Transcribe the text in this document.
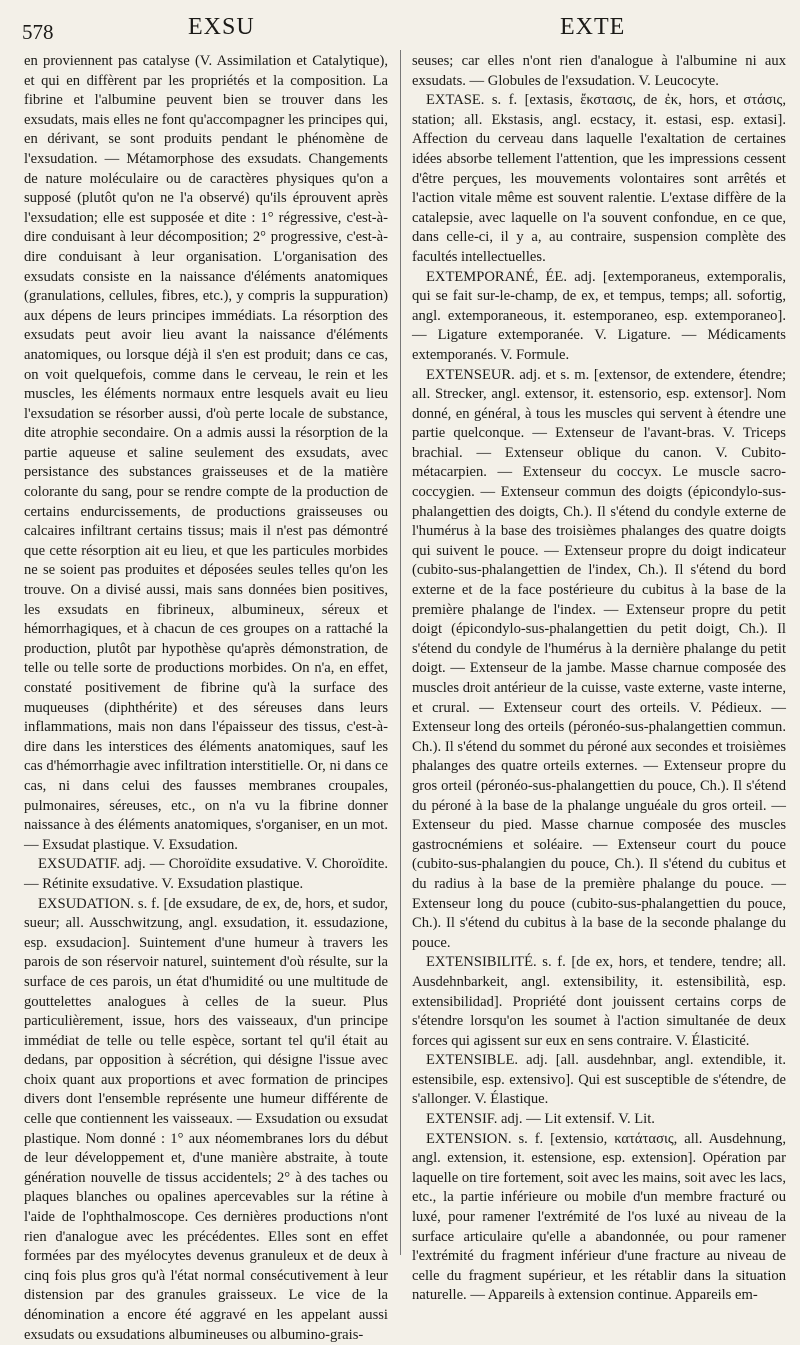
578	EXSU	EXTE

en proviennent pas catalyse (V. Assimilation et Catalytique), et qui en diffèrent par les propriétés et la composition. La fibrine et l'albumine peuvent bien se trouver dans les exsudats, mais elles ne font qu'accompagner les principes qui, en dérivant, se sont produits pendant le phénomène de l'exsudation. — Métamorphose des exsudats. Changements de nature moléculaire ou de caractères physiques qu'on a supposé (plutôt qu'on ne l'a observé) qu'ils éprouvent après l'exsudation; elle est supposée et dite : 1° régressive, c'est-à-dire conduisant à leur décomposition; 2° progressive, c'est-à-dire conduisant à leur organisation. L'organisation des exsudats consiste en la naissance d'éléments anatomiques (granulations, cellules, fibres, etc.), y compris la suppuration) aux dépens de leurs principes immédiats. La résorption des exsudats peut avoir lieu avant la naissance d'éléments anatomiques, ou lorsque déjà il s'en est produit; dans ce cas, on voit quelquefois, comme dans le cerveau, le rein et les muscles, les éléments normaux entre lesquels avait eu lieu l'exsudation se résorber aussi, d'où perte locale de substance, dite atrophie secondaire. On a admis aussi la résorption de la partie aqueuse et saline seulement des exsudats, avec persistance des substances graisseuses et de la matière colorante du sang, pour se rendre compte de la production de certains endurcissements, de productions graisseuses ou calcaires infiltrant certains tissus; mais il n'est pas démontré que cette résorption ait eu lieu, et que les particules morbides ne se soient pas produites et déposées seules telles qu'on les trouve. On a divisé aussi, mais sans données bien positives, les exsudats en fibrineux, albumineux, séreux et hémorrhagiques, et à chacun de ces groupes on a rattaché la production, plutôt par hypothèse qu'après démonstration, de telle ou telle sorte de productions morbides. On n'a, en effet, constaté positivement de fibrine qu'à la surface des muqueuses (diphthérite) et des séreuses dans leurs inflammations, mais non dans l'épaisseur des tissus, c'est-à-dire dans les interstices des éléments anatomiques, sauf les cas d'hémorrhagie avec infiltration interstitielle. Or, ni dans ce cas, ni dans celui des fausses membranes croupales, pulmonaires, séreuses, etc., on n'a vu la fibrine donner naissance à des éléments anatomiques, s'organiser, en un mot. — Exsudat plastique. V. Exsudation.

EXSUDATIF. adj. — Choroïdite exsudative. V. Choroïdite. — Rétinite exsudative. V. Exsudation plastique.

EXSUDATION. s. f. [de exsudare, de ex, de, hors, et sudor, sueur; all. Ausschwitzung, angl. exsudation, it. essudazione, esp. exsudacion]. Suintement d'une humeur à travers les parois de son réservoir naturel, suintement d'où résulte, sur la surface de ces parois, un état d'humidité ou une multitude de gouttelettes analogues à celles de la sueur. Plus particulièrement, issue, hors des vaisseaux, d'un principe immédiat de telle ou telle espèce, sortant tel qu'il était au dedans, par opposition à sécrétion, qui désigne l'issue avec choix quant aux proportions et avec formation de principes divers dont l'ensemble représente une humeur différente de celle que contiennent les vaisseaux. — Exsudation ou exsudat plastique. Nom donné : 1° aux néomembranes lors du début de leur développement et, d'une manière abstraite, à toute génération nouvelle de tissus accidentels; 2° à des taches ou plaques blanches ou opalines apercevables sur la rétine à l'aide de l'ophthalmoscope. Ces dernières productions n'ont rien d'analogue avec les précédentes. Elles sont en effet formées par des myélocytes devenus granuleux et de deux à cinq fois plus gros qu'à l'état normal consécutivement à leur distension par des granules graisseux. Le vice de la dénomination a encore été aggravé en les appelant aussi exsudats ou exsudations albumineuses ou albumino-grais-

seuses; car elles n'ont rien d'analogue à l'albumine ni aux exsudats. — Globules de l'exsudation. V. Leucocyte.

EXTASE. s. f. [extasis, ἔκστασις, de ἐκ, hors, et στάσις, station; all. Ekstasis, angl. ecstacy, it. estasi, esp. extasi]. Affection du cerveau dans laquelle l'exaltation de certaines idées absorbe tellement l'attention, que les impressions cessent d'être perçues, les mouvements volontaires sont arrêtés et l'action vitale même est souvent ralentie. L'extase diffère de la catalepsie, avec laquelle on l'a souvent confondue, en ce que, dans celle-ci, il y a, au contraire, suspension complète des facultés intellectuelles.

EXTEMPORANÉ, ÉE. adj. [extemporaneus, extemporalis, qui se fait sur-le-champ, de ex, et tempus, temps; all. sofortig, angl. extemporaneous, it. estemporaneo, esp. extemporaneo]. — Ligature extemporanée. V. Ligature. — Médicaments extemporanés. V. Formule.

EXTENSEUR. adj. et s. m. [extensor, de extendere, étendre; all. Strecker, angl. extensor, it. estensorio, esp. extensor]. Nom donné, en général, à tous les muscles qui servent à étendre une partie quelconque. — Extenseur de l'avant-bras. V. Triceps brachial. — Extenseur oblique du canon. V. Cubito-métacarpien. — Extenseur du coccyx. Le muscle sacro-coccygien. — Extenseur commun des doigts (épicondylo-sus-phalangettien des doigts, Ch.). Il s'étend du condyle externe de l'humérus à la base des troisièmes phalanges des quatre doigts qui suivent le pouce. — Extenseur propre du doigt indicateur (cubito-sus-phalangettien de l'index, Ch.). Il s'étend du bord externe et de la face postérieure du cubitus à la base de la première phalange de l'index. — Extenseur propre du petit doigt (épicondylo-sus-phalangettien du petit doigt, Ch.). Il s'étend du condyle de l'humérus à la dernière phalange du petit doigt. — Extenseur de la jambe. Masse charnue composée des muscles droit antérieur de la cuisse, vaste externe, vaste interne, et crural. — Extenseur court des orteils. V. Pédieux. — Extenseur long des orteils (péronéo-sus-phalangettien commun. Ch.). Il s'étend du sommet du péroné aux secondes et troisièmes phalanges des quatre orteils externes. — Extenseur propre du gros orteil (péronéo-sus-phalangettien du pouce, Ch.). Il s'étend du péroné à la base de la phalange unguéale du gros orteil. — Extenseur du pied. Masse charnue composée des muscles gastrocnémiens et soléaire. — Extenseur court du pouce (cubito-sus-phalangien du pouce, Ch.). Il s'étend du cubitus et du radius à la base de la première phalange du pouce. — Extenseur long du pouce (cubito-sus-phalangettien du pouce, Ch.). Il s'étend du cubitus à la base de la seconde phalange du pouce.

EXTENSIBILITÉ. s. f. [de ex, hors, et tendere, tendre; all. Ausdehnbarkeit, angl. extensibility, it. estensibilità, esp. extensibilidad]. Propriété dont jouissent certains corps de s'étendre lorsqu'on les soumet à l'action simultanée de deux forces qui agissent sur eux en sens contraire. V. Élasticité.

EXTENSIBLE. adj. [all. ausdehnbar, angl. extendible, it. estensibile, esp. extensivo]. Qui est susceptible de s'étendre, de s'allonger. V. Élastique.

EXTENSIF. adj. — Lit extensif. V. Lit.

EXTENSION. s. f. [extensio, κατάτασις, all. Ausdehnung, angl. extension, it. estensione, esp. extension]. Opération par laquelle on tire fortement, soit avec les mains, soit avec les lacs, etc., la partie inférieure ou mobile d'un membre fracturé ou luxé, pour ramener l'extrémité de l'os luxé au niveau de la surface articulaire qu'elle a abandonnée, ou pour ramener l'extrémité du fragment inférieur d'une fracture au niveau de celle du fragment supérieur, et les rétablir dans la situation naturelle. — Appareils à extension continue. Appareils em-
